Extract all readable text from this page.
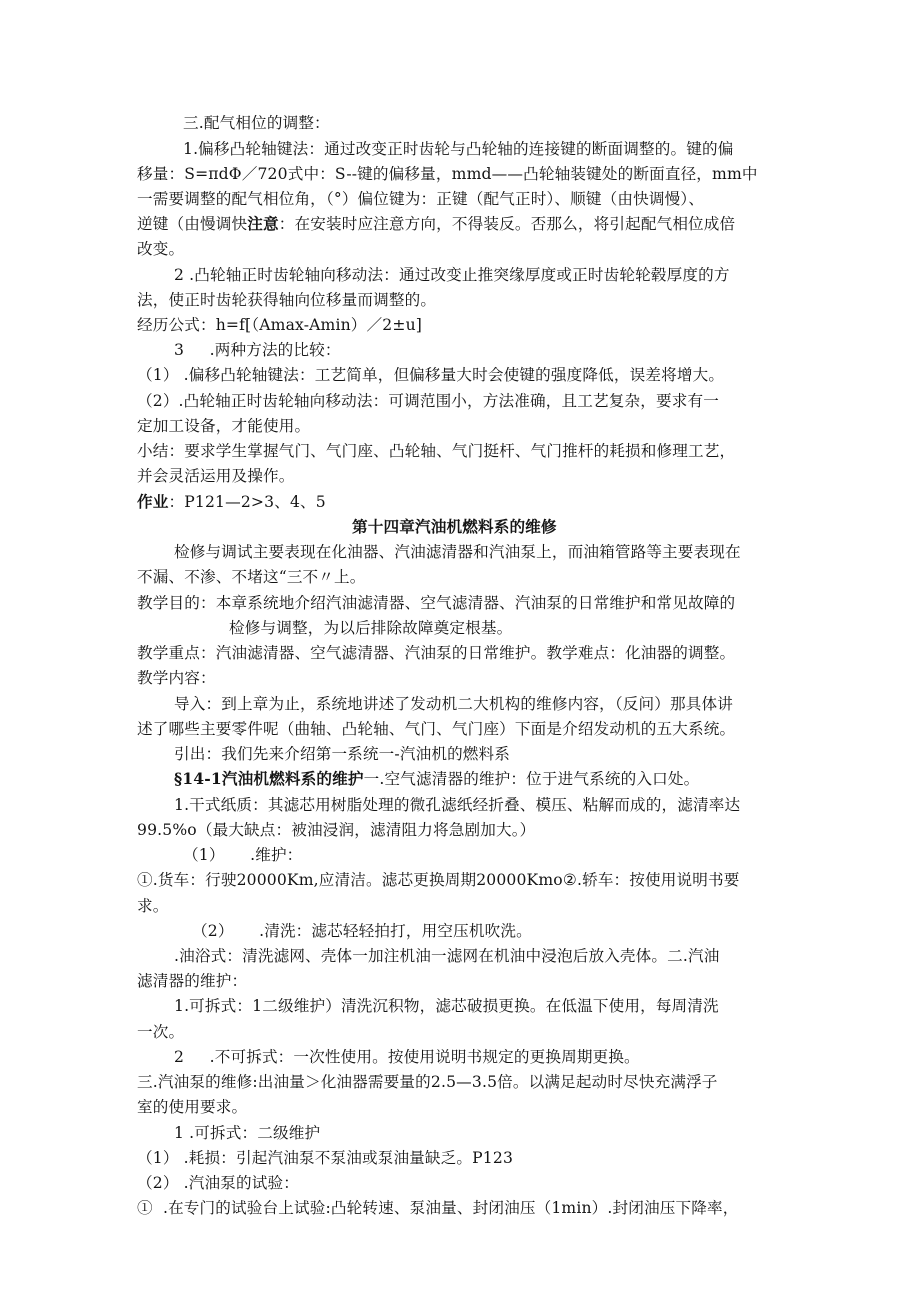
三.配气相位的调整：
1.偏移凸轮轴键法：通过改变正时齿轮与凸轮轴的连接键的断面调整的。键的偏
移量：S=πdΦ／720式中：S--键的偏移量，mmd——凸轮轴装键处的断面直径，mm中
一需要调整的配气相位角，（°）偏位键为：正键（配气正时）、顺键（由快调慢）、
逆键（由慢调快注意：在安装时应注意方向，不得装反。否那么，将引起配气相位成倍
改变。
2 .凸轮轴正时齿轮轴向移动法：通过改变止推突缘厚度或正时齿轮轮毂厚度的方
法，使正时齿轮获得轴向位移量而调整的。
经历公式：h=f[（Amax-Amin）／2±u]
3     .两种方法的比较：
（1） .偏移凸轮轴键法：工艺简单，但偏移量大时会使键的强度降低，误差将增大。
（2）.凸轮轴正时齿轮轴向移动法：可调范围小，方法准确，且工艺复杂，要求有一
定加工设备，才能使用。
小结：要求学生掌握气门、气门座、凸轮轴、气门挺杆、气门推杆的耗损和修理工艺，
并会灵活运用及操作。
作业：P121—2>3、4、5
第十四章汽油机燃料系的维修
检修与调试主要表现在化油器、汽油滤清器和汽油泵上，而油箱管路等主要表现在
不漏、不渗、不堵这“三不〃上。
教学目的：本章系统地介绍汽油滤清器、空气滤清器、汽油泵的日常维护和常见故障的
检修与调整，为以后排除故障奠定根基。
教学重点：汽油滤清器、空气滤清器、汽油泵的日常维护。教学难点：化油器的调整。
教学内容：
导入：到上章为止，系统地讲述了发动机二大机构的维修内容，（反问）那具体讲
述了哪些主要零件呢（曲轴、凸轮轴、气门、气门座）下面是介绍发动机的五大系统。
引出：我们先来介绍第一系统一-汽油机的燃料系
§14-1汽油机燃料系的维护一.空气滤清器的维护：位于进气系统的入口处。
1.干式纸质：其滤芯用树脂处理的微孔滤纸经折叠、模压、粘解而成的，滤清率达
99.5%o（最大缺点：被油浸润，滤清阻力将急剧加大。）
（1）     .维护：
①.货车：行驶20000Km,应清洁。滤芯更换周期20000Kmo②.轿车：按使用说明书要
求。
（2）     .清洗：滤芯轻轻拍打，用空压机吹洗。
.油浴式：清洗滤网、壳体一加注机油一滤网在机油中浸泡后放入壳体。二.汽油
滤清器的维护：
1.可拆式：1二级维护）清洗沉积物，滤芯破损更换。在低温下使用，每周清洗
一次。
2     .不可拆式：一次性使用。按使用说明书规定的更换周期更换。
三.汽油泵的维修:出油量＞化油器需要量的2.5—3.5倍。以满足起动时尽快充满浮子
室的使用要求。
1 .可拆式：二级维护
（1） .耗损：引起汽油泵不泵油或泵油量缺乏。P123
（2） .汽油泵的试验：
①  .在专门的试验台上试验:凸轮转速、泵油量、封闭油压（1min）.封闭油压下降率，
